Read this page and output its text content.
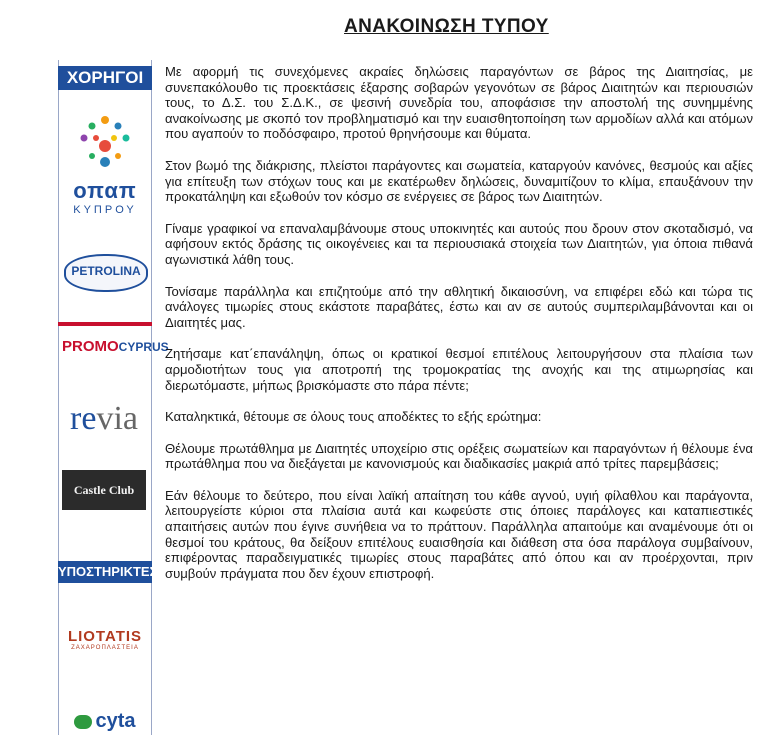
ΑΝΑΚΟΙΝΩΣΗ ΤΥΠΟΥ
ΧΟΡΗΓΟΙ
οπαπ
ΚΥΠΡΟΥ
PETROLINA
PROMOCYPRUS
revia
Castle Club
ΥΠΟΣΤΗΡΙΚΤΕΣ
LIOTATIS
ΖΑΧΑΡΟΠΛΑΣΤΕΙΑ
cyta

Με αφορμή τις συνεχόμενες ακραίες δηλώσεις παραγόντων σε βάρος της Διαιτησίας, με συνεπακόλουθο τις προεκτάσεις έξαρσης σοβαρών γεγονότων σε βάρος Διαιτητών και περιουσιών τους, το Δ.Σ. του Σ.Δ.Κ., σε ψεσινή συνεδρία του, αποφάσισε την αποστολή της συνημμένης ανακοίνωσης με σκοπό τον προβληματισμό και την ευαισθητοποίηση των αρμοδίων αλλά και ατόμων που αγαπούν το ποδόσφαιρο, προτού θρηνήσουμε και θύματα.

Στον βωμό της διάκρισης, πλείστοι παράγοντες και σωματεία, καταργούν κανόνες, θεσμούς και αξίες για επίτευξη των στόχων τους και με εκατέρωθεν δηλώσεις, δυναμιτίζουν το κλίμα, επαυξάνουν την προκατάληψη και εξωθούν τον κόσμο σε ενέργειες σε βάρος των Διαιτητών.

Γίναμε γραφικοί να επαναλαμβάνουμε στους υποκινητές και αυτούς που δρουν στον σκοταδισμό, να αφήσουν εκτός δράσης τις οικογένειες και τα περιουσιακά στοιχεία των Διαιτητών, για όποια πιθανά αγωνιστικά λάθη τους.

Τονίσαμε παράλληλα και επιζητούμε από την αθλητική δικαιοσύνη, να επιφέρει εδώ και τώρα τις ανάλογες τιμωρίες στους εκάστοτε παραβάτες, έστω και αν σε αυτούς συμπεριλαμβάνονται και οι Διαιτητές μας.

Ζητήσαμε κατ΄επανάληψη, όπως οι κρατικοί θεσμοί επιτέλους λειτουργήσουν στα πλαίσια των αρμοδιοτήτων τους για αποτροπή της τρομοκρατίας της ανοχής και της ατιμωρησίας και διερωτόμαστε, μήπως βρισκόμαστε στο πάρα πέντε;

Καταληκτικά, θέτουμε σε όλους τους αποδέκτες το εξής ερώτημα:

Θέλουμε πρωτάθλημα με Διαιτητές υποχείριο στις ορέξεις σωματείων και παραγόντων ή θέλουμε ένα πρωτάθλημα που να διεξάγεται με κανονισμούς και διαδικασίες μακριά από τρίτες παρεμβάσεις;

Εάν θέλουμε το δεύτερο, που είναι λαϊκή απαίτηση του κάθε αγνού, υγιή φίλαθλου και παράγοντα, λειτουργείστε κύριοι στα πλαίσια αυτά και κωφεύστε στις όποιες παράλογες και καταπιεστικές απαιτήσεις αυτών που έγινε συνήθεια να το πράττουν. Παράλληλα απαιτούμε και αναμένουμε ότι οι θεσμοί του κράτους, θα δείξουν επιτέλους ευαισθησία και διάθεση στα όσα παράλογα συμβαίνουν, επιφέροντας παραδειγματικές τιμωρίες στους παραβάτες από όπου και αν προέρχονται, πριν συμβούν πράγματα που δεν έχουν επιστροφή.
